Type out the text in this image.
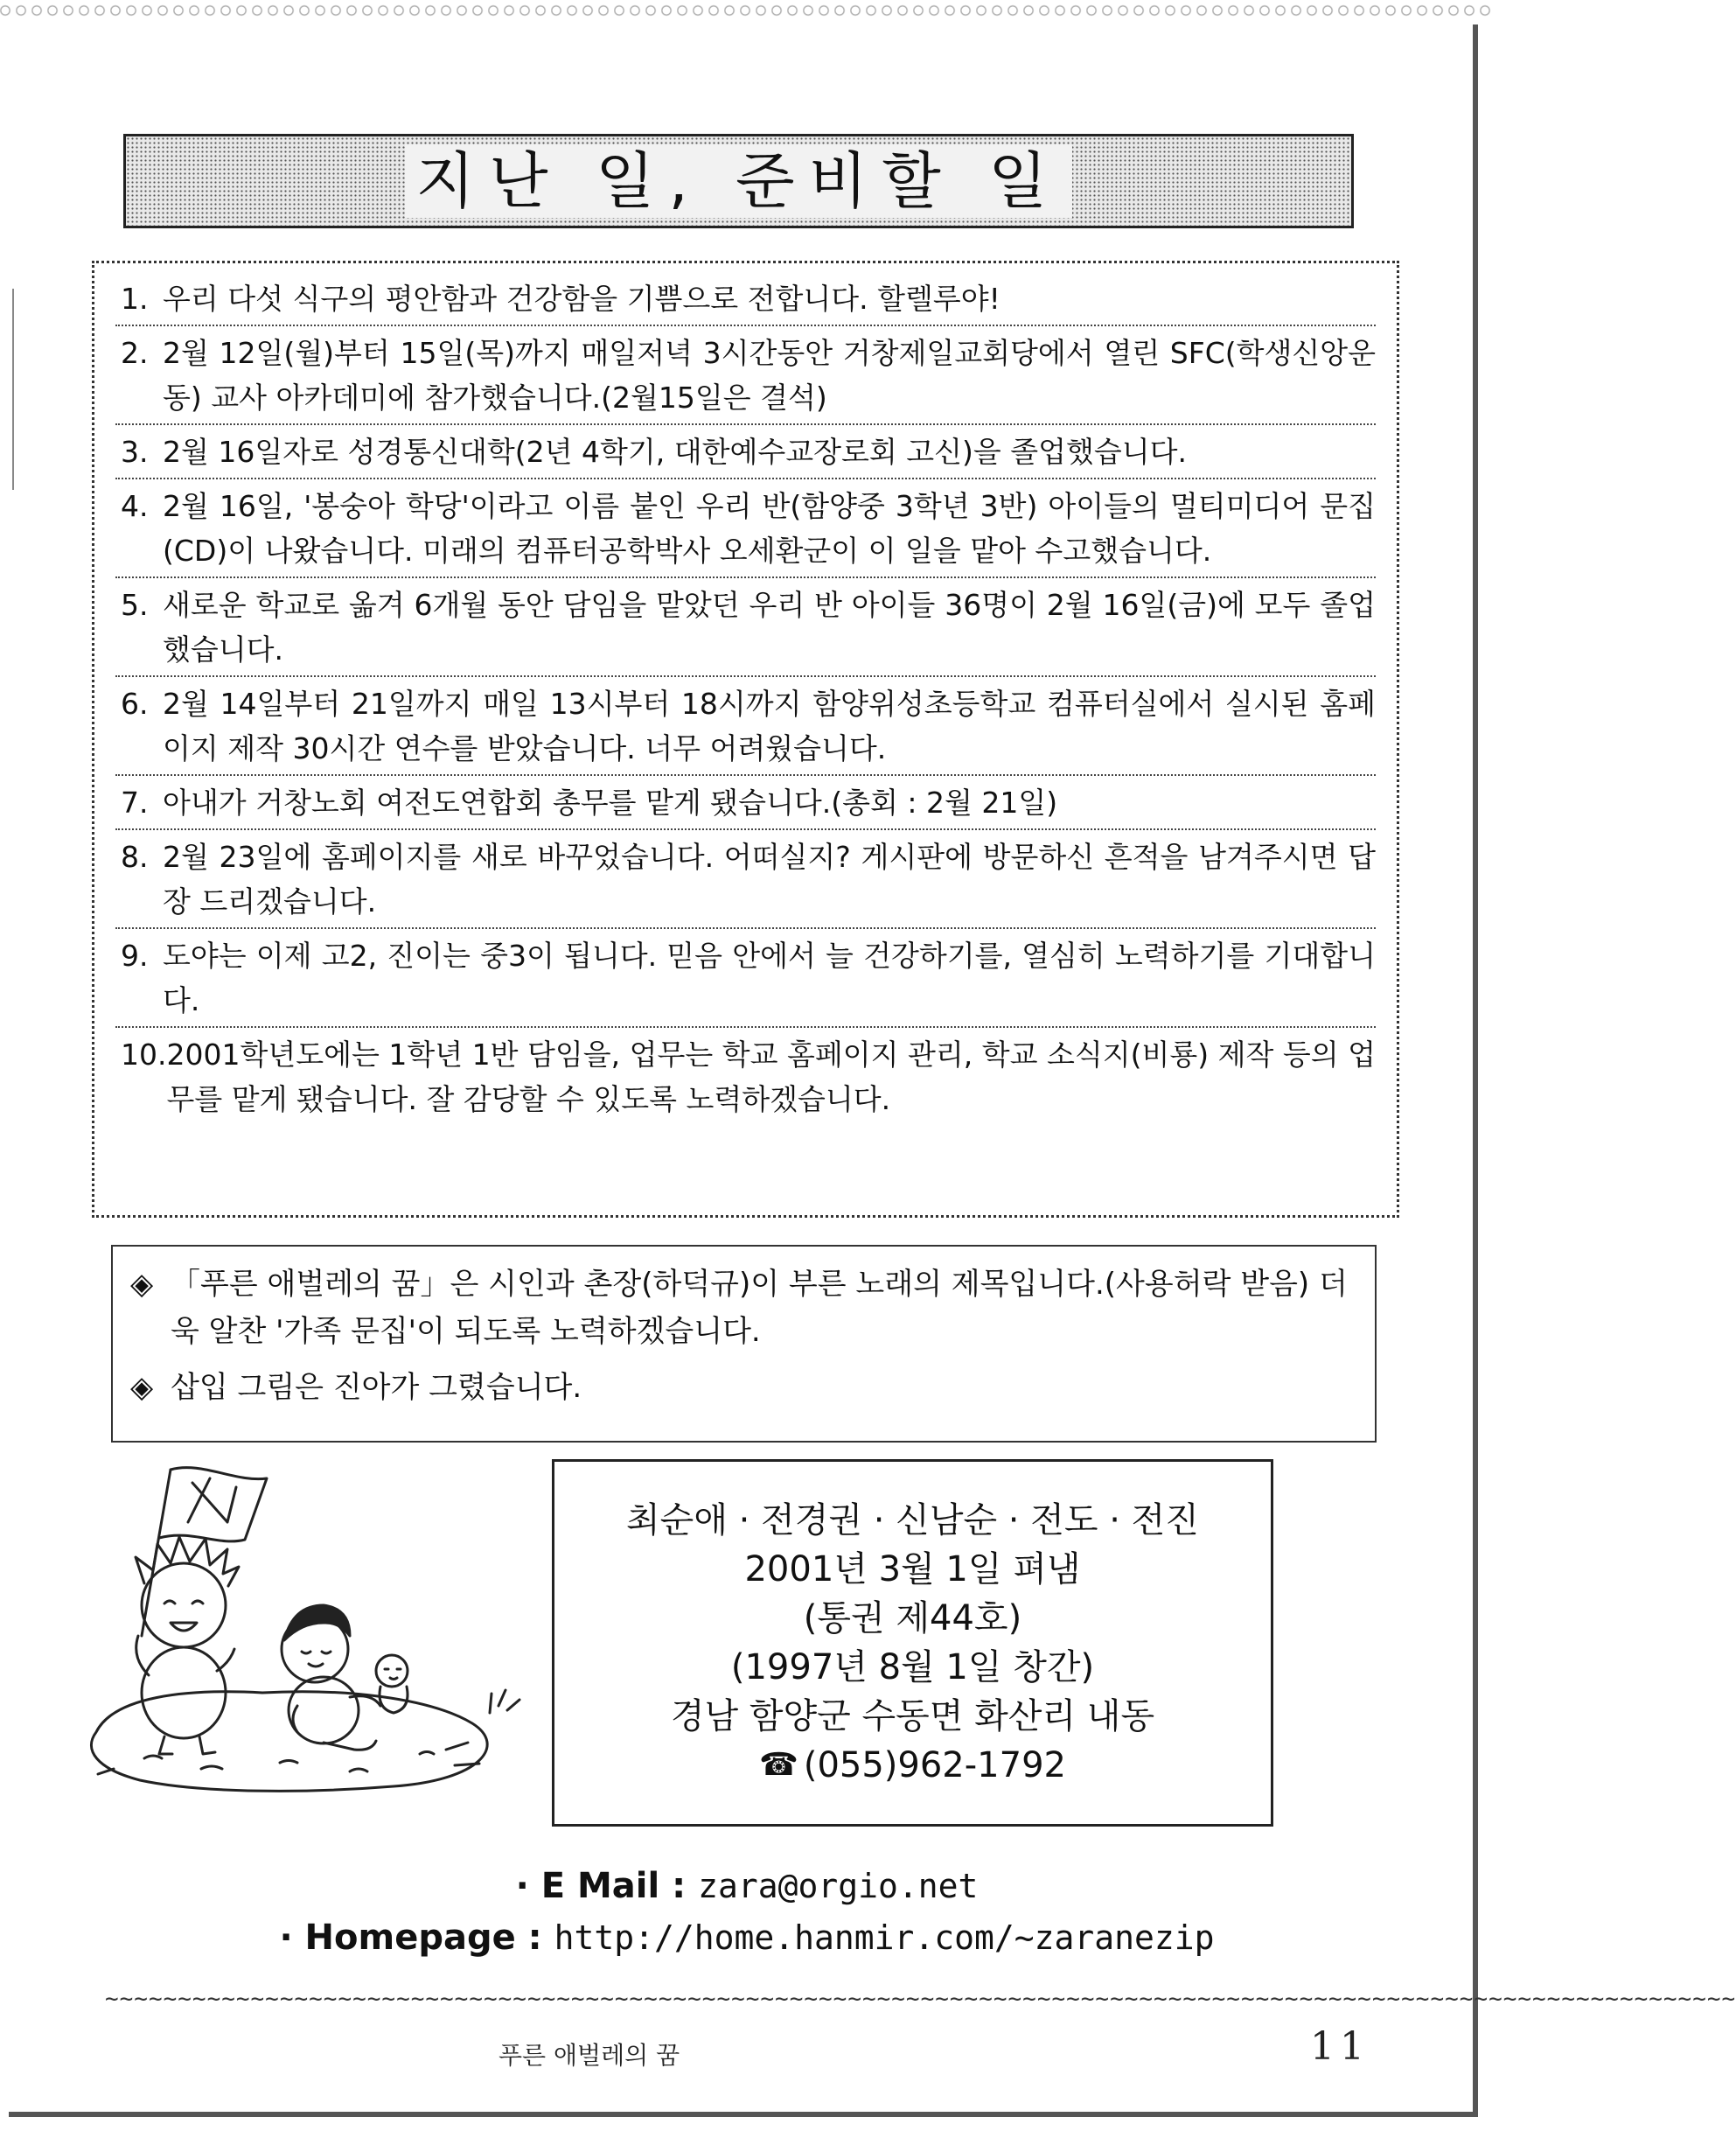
지난 일, 준비할 일
1. 우리 다섯 식구의 평안함과 건강함을 기쁨으로 전합니다. 할렐루야!
2. 2월 12일(월)부터 15일(목)까지 매일저녁 3시간동안 거창제일교회당에서 열린 SFC(학생신앙운동) 교사 아카데미에 참가했습니다.(2월15일은 결석)
3. 2월 16일자로 성경통신대학(2년 4학기, 대한예수교장로회 고신)을 졸업했습니다.
4. 2월 16일, '봉숭아 학당'이라고 이름 붙인 우리 반(함양중 3학년 3반) 아이들의 멀티미디어 문집(CD)이 나왔습니다. 미래의 컴퓨터공학박사 오세환군이 이 일을 맡아 수고했습니다.
5. 새로운 학교로 옮겨 6개월 동안 담임을 맡았던 우리 반 아이들 36명이 2월 16일(금)에 모두 졸업했습니다.
6. 2월 14일부터 21일까지 매일 13시부터 18시까지 함양위성초등학교 컴퓨터실에서 실시된 홈페이지 제작 30시간 연수를 받았습니다. 너무 어려웠습니다.
7. 아내가 거창노회 여전도연합회 총무를 맡게 됐습니다.(총회 : 2월 21일)
8. 2월 23일에 홈페이지를 새로 바꾸었습니다. 어떠실지? 게시판에 방문하신 흔적을 남겨주시면 답장 드리겠습니다.
9. 도야는 이제 고2, 진이는 중3이 됩니다. 믿음 안에서 늘 건강하기를, 열심히 노력하기를 기대합니다.
10. 2001학년도에는 1학년 1반 담임을, 업무는 학교 홈페이지 관리, 학교 소식지(비룡) 제작 등의 업무를 맡게 됐습니다. 잘 감당할 수 있도록 노력하겠습니다.
◈ 「푸른 애벌레의 꿈」은 시인과 촌장(하덕규)이 부른 노래의 제목입니다.(사용허락 받음) 더욱 알찬 '가족 문집'이 되도록 노력하겠습니다.
◈ 삽입 그림은 진아가 그렸습니다.
최순애 · 전경권 · 신남순 · 전도 · 전진
2001년 3월 1일 펴냄
(통권 제44호)
(1997년 8월 1일 창간)
경남 함양군 수동면 화산리 내동
☎ (055)962-1792
· E Mail : zara@orgio.net
· Homepage : http://home.hanmir.com/~zaranezip
~~~~~~~~~~~~~~~~~~~~~~~~~~~~~~~~~~~~~~~~~~~~~~~~~~~~~~~~~~~~~~~~~~~~~~~~~~~~~~~~~~~~~~~~~~~~~~~~~~~~~~~~~~~~~~~~
푸른 애벌레의 꿈	11
